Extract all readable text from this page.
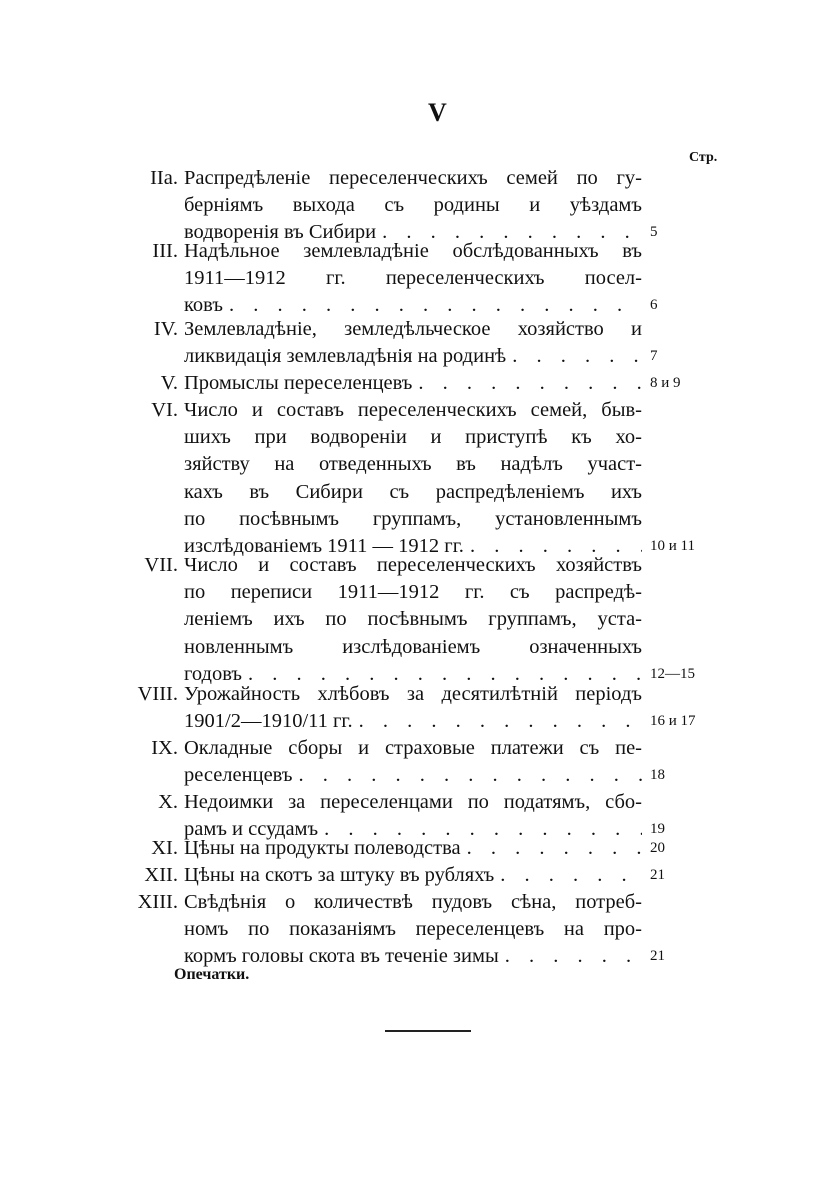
V
Стр.
IIа. Распредѣленіе переселенческихъ семей по гу-
берніямъ выхода съ родины и уѣздамъ
водворенія въ Сибири . . .	5
III. Надѣльное землевладѣніе обслѣдованныхъ въ
1911—1912 гг. переселенческихъ посел-
ковъ . . .	6
IV. Землевладѣніе, земледѣльческое хозяйство и
ликвидація землевладѣнія на родинѣ . . .	7
V. Промыслы переселенцевъ . . .	8 и 9
VI. Число и составъ переселенческихъ семей, быв-
шихъ при водвореніи и приступѣ къ хо-
зяйству на отведенныхъ въ надѣлъ участ-
кахъ въ Сибири съ распредѣленіемъ ихъ
по посѣвнымъ группамъ, установленнымъ
изслѣдованіемъ 1911 — 1912 гг. . . .	10 и 11
VII. Число и составъ переселенческихъ хозяйствъ
по переписи 1911—1912 гг. съ распредѣ-
леніемъ ихъ по посѣвнымъ группамъ, уста-
новленнымъ изслѣдованіемъ означенныхъ
годовъ . . .	12—15
VIII. Урожайность хлѣбовъ за десятилѣтній періодъ
1901/2—1910/11 гг. . . .	16 и 17
IX. Окладные сборы и страховые платежи съ пе-
реселенцевъ . . .	18
X. Недоимки за переселенцами по податямъ, сбо-
рамъ и ссудамъ . . .	19
XI. Цѣны на продукты полеводства . . .	20
XII. Цѣны на скотъ за штуку въ рубляхъ . . .	21
XIII. Свѣдѣнія о количествѣ пудовъ сѣна, потреб-
номъ по показаніямъ переселенцевъ на про-
кормъ головы скота въ теченіе зимы . . .	21
Опечатки.
